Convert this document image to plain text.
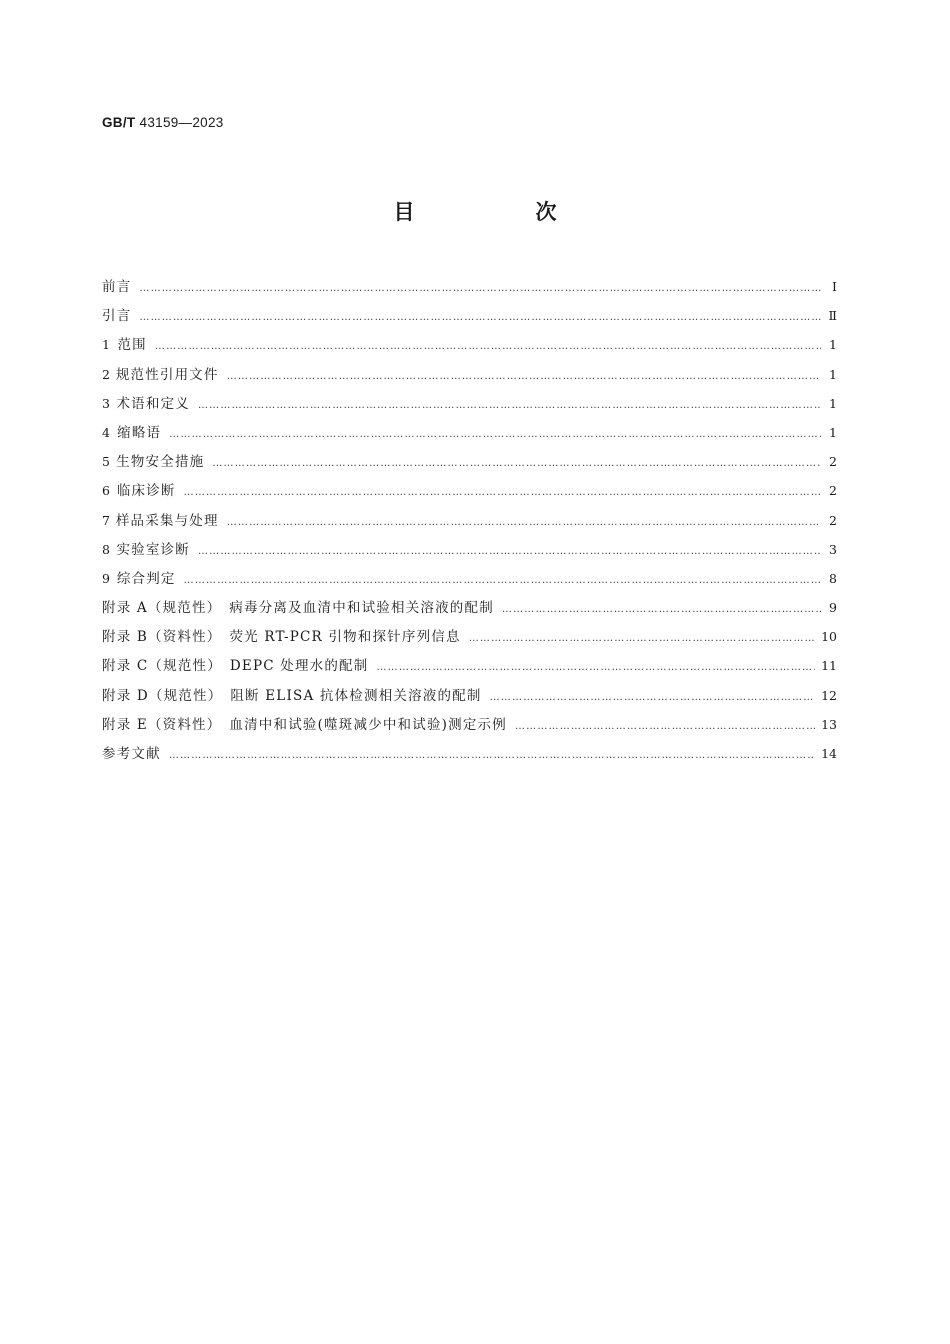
GB/T 43159—2023
目　次
前言 ………………………………………………………………………………………………………………………………………………………………………………………………………………………………………………………………	Ⅰ
引言 ………………………………………………………………………………………………………………………………………………………………………………………………………………………………………………………………	Ⅱ
1 范围 ………………………………………………………………………………………………………………………………………………………………………………………………………………………………………………………………	1
2 规范性引用文件 ………………………………………………………………………………………………………………………………………………………………………………………………………………………………………………………………	1
3 术语和定义 ………………………………………………………………………………………………………………………………………………………………………………………………………………………………………………………………	1
4 缩略语 ………………………………………………………………………………………………………………………………………………………………………………………………………………………………………………………………	1
5 生物安全措施 ………………………………………………………………………………………………………………………………………………………………………………………………………………………………………………………………	2
6 临床诊断 ………………………………………………………………………………………………………………………………………………………………………………………………………………………………………………………………	2
7 样品采集与处理 ………………………………………………………………………………………………………………………………………………………………………………………………………………………………………………………………	2
8 实验室诊断 ………………………………………………………………………………………………………………………………………………………………………………………………………………………………………………………………	3
9 综合判定 ………………………………………………………………………………………………………………………………………………………………………………………………………………………………………………………………	8
附录 A（规范性）　病毒分离及血清中和试验相关溶液的配制 ………………………………………………………………………………………………………………………………………………………………………………………………………………………………………………………………	9
附录 B（资料性）　荧光 RT-PCR 引物和探针序列信息 ………………………………………………………………………………………………………………………………………………………………………………………………………………………………………………………………	10
附录 C（规范性）　DEPC 处理水的配制 ………………………………………………………………………………………………………………………………………………………………………………………………………………………………………………………………	11
附录 D（规范性）　阻断 ELISA 抗体检测相关溶液的配制 ………………………………………………………………………………………………………………………………………………………………………………………………………………………………………………………………	12
附录 E（资料性）　血清中和试验(噬斑减少中和试验)测定示例 ………………………………………………………………………………………………………………………………………………………………………………………………………………………………………………………………	13
参考文献 ………………………………………………………………………………………………………………………………………………………………………………………………………………………………………………………………	14
